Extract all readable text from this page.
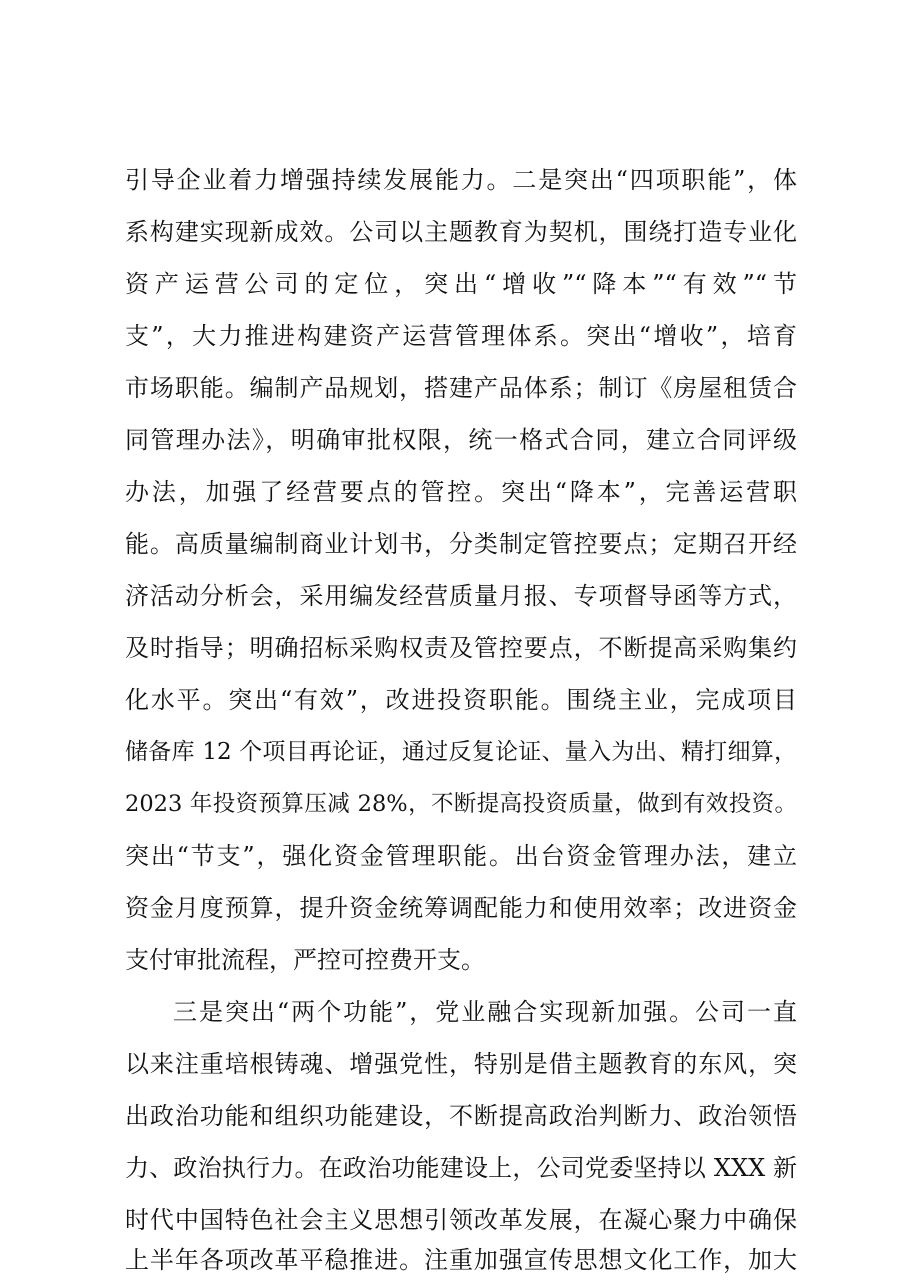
引导企业着力增强持续发展能力。二是突出“四项职能”，体
系构建实现新成效。公司以主题教育为契机，围绕打造专业化
资产运营公司的定位，突出“增收”“降本”“有效”“节
支”，大力推进构建资产运营管理体系。突出“增收”，培育
市场职能。编制产品规划，搭建产品体系；制订《房屋租赁合
同管理办法》，明确审批权限，统一格式合同，建立合同评级
办法，加强了经营要点的管控。突出“降本”，完善运营职
能。高质量编制商业计划书，分类制定管控要点；定期召开经
济活动分析会，采用编发经营质量月报、专项督导函等方式，
及时指导；明确招标采购权责及管控要点，不断提高采购集约
化水平。突出“有效”，改进投资职能。围绕主业，完成项目
储备库 12 个项目再论证，通过反复论证、量入为出、精打细算，
2023 年投资预算压减 28%，不断提高投资质量，做到有效投资。
突出“节支”，强化资金管理职能。出台资金管理办法，建立
资金月度预算，提升资金统筹调配能力和使用效率；改进资金
支付审批流程，严控可控费开支。
三是突出“两个功能”，党业融合实现新加强。公司一直
以来注重培根铸魂、增强党性，特别是借主题教育的东风，突
出政治功能和组织功能建设，不断提高政治判断力、政治领悟
力、政治执行力。在政治功能建设上，公司党委坚持以 XXX 新
时代中国特色社会主义思想引领改革发展，在凝心聚力中确保
上半年各项改革平稳推进。注重加强宣传思想文化工作，加大
